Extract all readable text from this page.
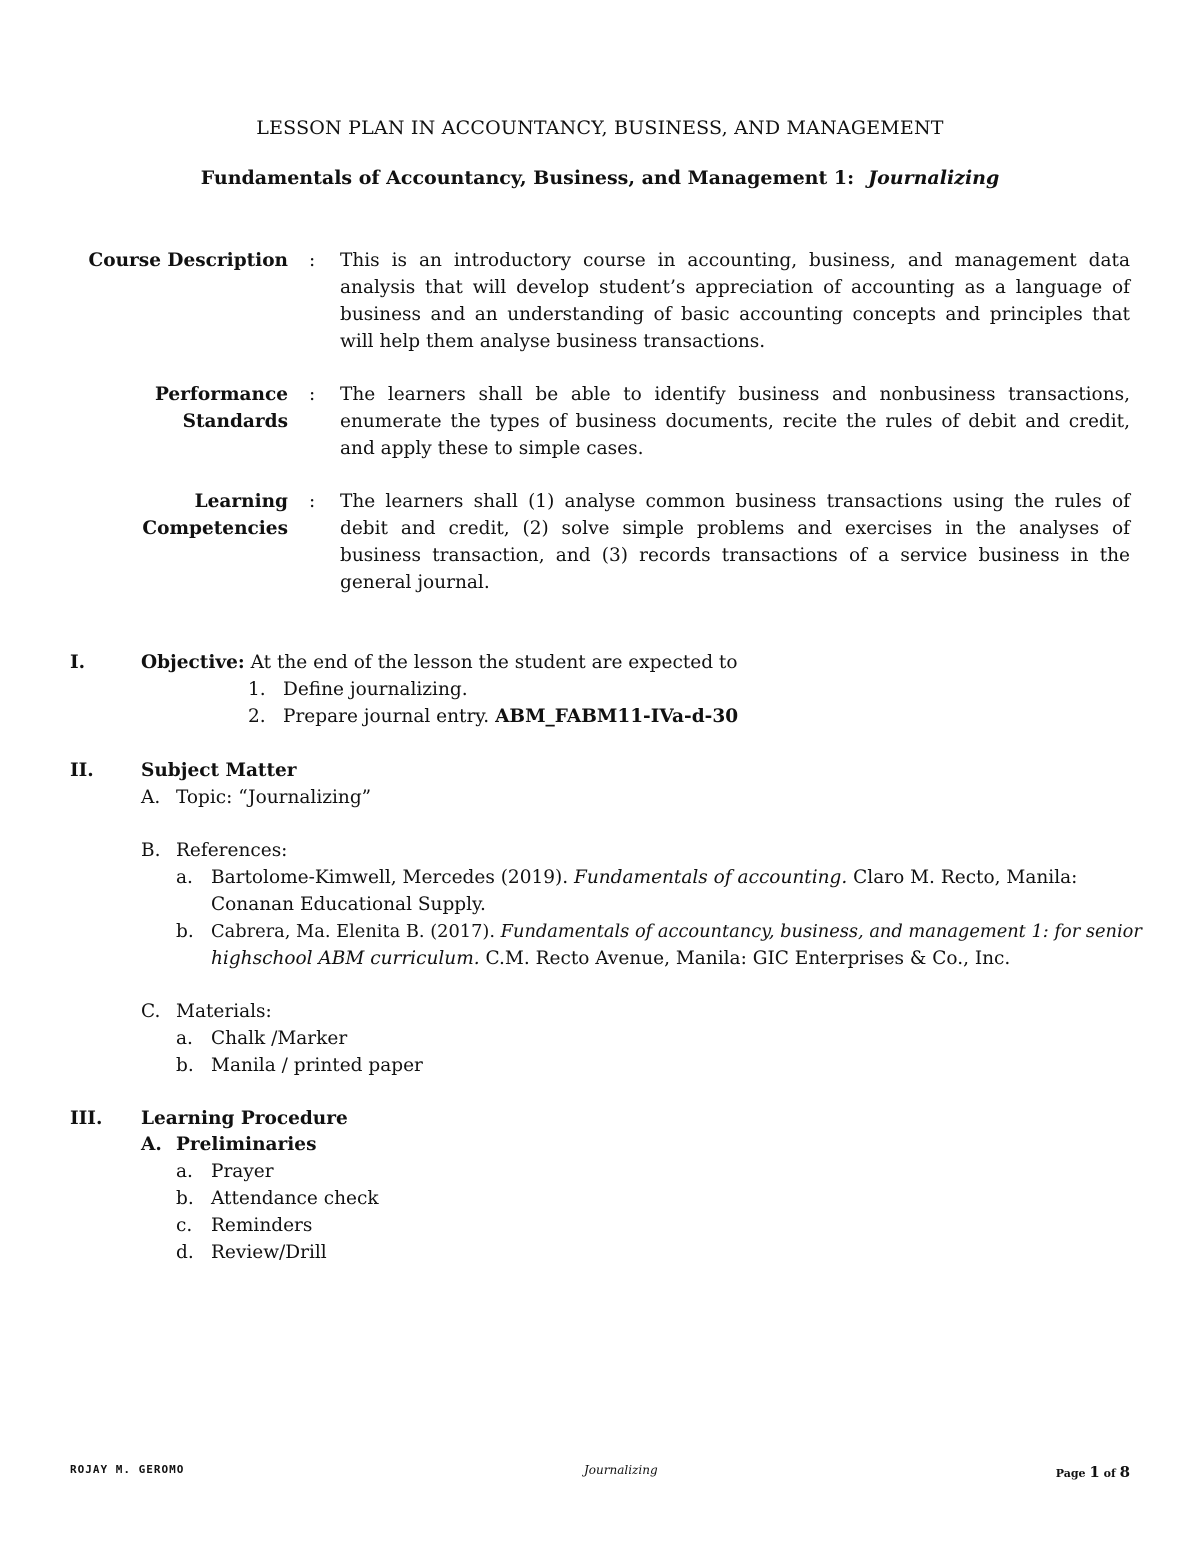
LESSON PLAN IN ACCOUNTANCY, BUSINESS, AND MANAGEMENT
Fundamentals of Accountancy, Business, and Management 1: Journalizing
Course Description : This is an introductory course in accounting, business, and management data
analysis that will develop student’s appreciation of accounting as a language of
business and an understanding of basic accounting concepts and principles that
will help them analyse business transactions.
Performance
Standards
: The learners shall be able to identify business and nonbusiness transactions,
enumerate the types of business documents, recite the rules of debit and credit,
and apply these to simple cases.
Learning
Competencies
: The learners shall (1) analyse common business transactions using the rules of
debit and credit, (2) solve simple problems and exercises in the analyses of
business transaction, and (3) records transactions of a service business in the
general journal.
I.	Objective: At the end of the lesson the student are expected to
1. Define journalizing.
2. Prepare journal entry. ABM_FABM11-IVa-d-30
II.	Subject Matter
A. Topic: “Journalizing”
B. References:
a. Bartolome-Kimwell, Mercedes (2019). Fundamentals of accounting. Claro M. Recto, Manila:
Conanan Educational Supply.
b. Cabrera, Ma. Elenita B. (2017). Fundamentals of accountancy, business, and management 1: for senior
highschool ABM curriculum. C.M. Recto Avenue, Manila: GIC Enterprises & Co., Inc.
C. Materials:
a. Chalk /Marker
b. Manila / printed paper
III. Learning Procedure
A. Preliminaries
a. Prayer
b. Attendance check
c. Reminders
d. Review/Drill
ROJAY M. GEROMO	Journalizing	Page 1 of 8
